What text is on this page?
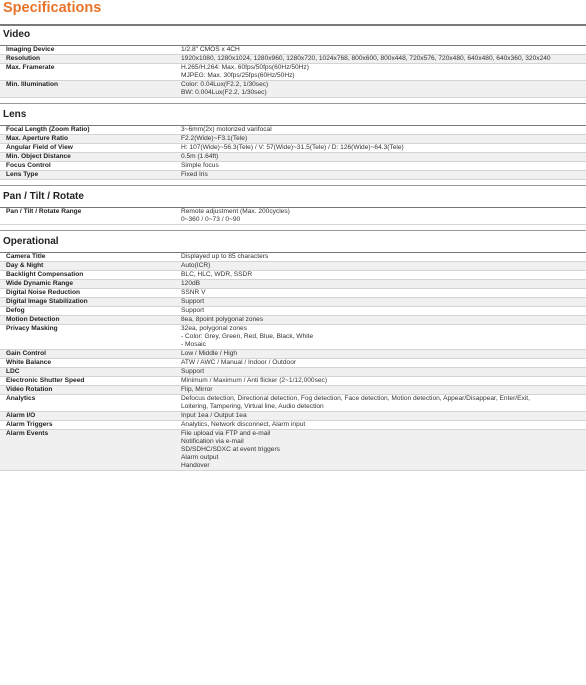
Specifications
Video
Imaging Device	1/2.8" CMOS x 4CH
Resolution	1920x1080, 1280x1024, 1280x960, 1280x720, 1024x768, 800x600, 800x448, 720x576, 720x480, 640x480, 640x360, 320x240
Max. Framerate	H.265/H.264: Max. 60fps/50fps(60Hz/50Hz)
MJPEG: Max. 30fps/25fps(60Hz/50Hz)
Min. Illumination	Color: 0.04Lux(F2.2, 1/30sec)
BW: 0.004Lux(F2.2, 1/30sec)
Lens
Focal Length (Zoom Ratio)	3~6mm(2x) motorized varifocal
Max. Aperture Ratio	F2.2(Wide)~F3.1(Tele)
Angular Field of View	H: 107(Wide)~56.3(Tele) / V: 57(Wide)~31.5(Tele) / D: 126(Wide)~64.3(Tele)
Min. Object Distance	0.5m (1.64ft)
Focus Control	Simple focus
Lens Type	Fixed Iris
Pan / Tilt / Rotate
Pan / Tilt / Rotate Range	Remote adjustment (Max. 200cycles)
0~360 / 0~73 / 0~90
Operational
Camera Title	Displayed up to 85 characters
Day & Night	Auto(ICR)
Backlight Compensation	BLC, HLC, WDR, SSDR
Wide Dynamic Range	120dB
Digital Noise Reduction	SSNR V
Digital Image Stabilization	Support
Defog	Support
Motion Detection	8ea, 8point polygonal zones
Privacy Masking	32ea, polygonal zones
- Color: Grey, Green, Red, Blue, Black, White
- Mosaic
Gain Control	Low / Middle / High
White Balance	ATW / AWC / Manual / Indoor / Outdoor
LDC	Support
Electronic Shutter Speed	Minimum / Maximum / Anti flicker (2~1/12,000sec)
Video Rotation	Flip, Mirror
Analytics	Defocus detection, Directional detection, Fog detection, Face detection, Motion detection, Appear/Disappear, Enter/Exit,
Loitering, Tampering, Virtual line, Audio detection
Alarm I/O	Input 1ea / Output 1ea
Alarm Triggers	Analytics, Network disconnect, Alarm input
Alarm Events	File upload via FTP and e-mail
Notification via e-mail
SD/SDHC/SDXC at event triggers
Alarm output
Handover
